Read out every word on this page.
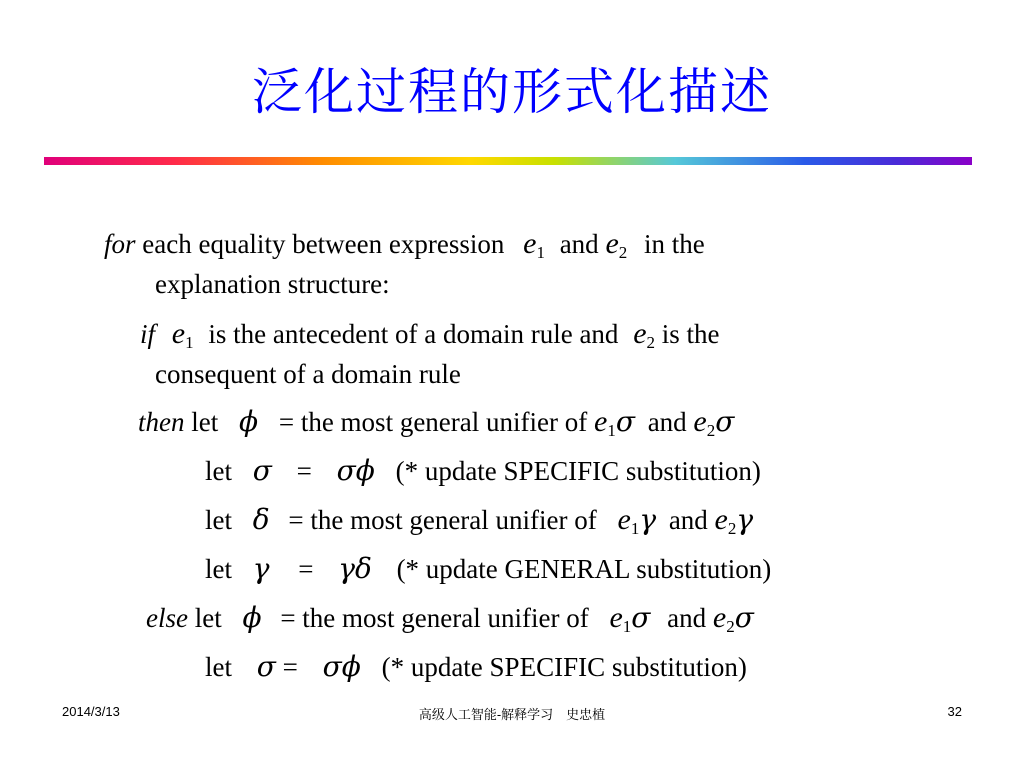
泛化过程的形式化描述
for each equality between expression $e_1$ and $e_2$ in the
explanation structure:
if $e_1$ is the antecedent of a domain rule and $e_2$ is the
consequent of a domain rule
then let ϕ = the most general unifier of $e_1\sigma$ and $e_2\sigma$
let σ = σϕ (* update SPECIFIC substitution)
let δ = the most general unifier of $e_1\gamma$ and $e_2\gamma$
let γ = γδ (* update GENERAL substitution)
else let ϕ = the most general unifier of $e_1\sigma$ and $e_2\sigma$
let σ = σϕ (* update SPECIFIC substitution)
2014/3/13	高级人工智能-解释学习　史忠植	32
